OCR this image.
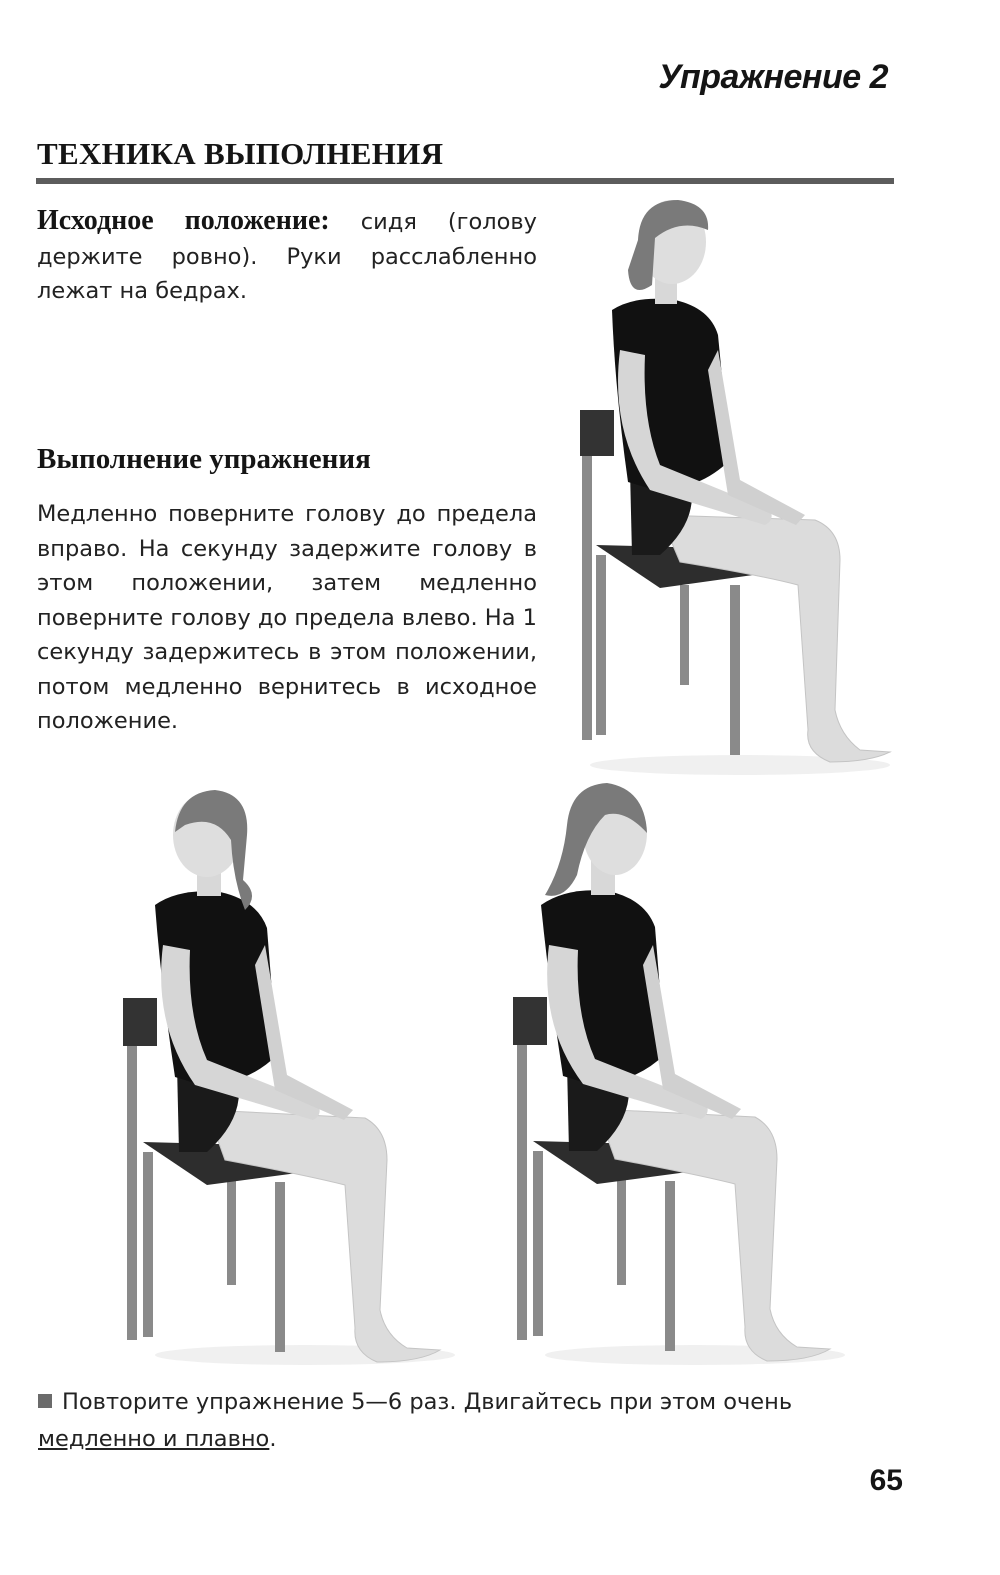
Упражнение 2
ТЕХНИКА ВЫПОЛНЕНИЯ
Исходное положение: сидя (голову держите ровно). Руки расслабленно лежат на бедрах.
Выполнение упражнения
Медленно поверните голову до предела вправо. На секунду задержите голову в этом положении, затем медленно поверните голову до предела влево. На 1 секунду задержитесь в этом положении, потом медленно вернитесь в исходное положение.
Повторите упражнение 5—6 раз. Двигайтесь при этом очень медленно и плавно.
65
